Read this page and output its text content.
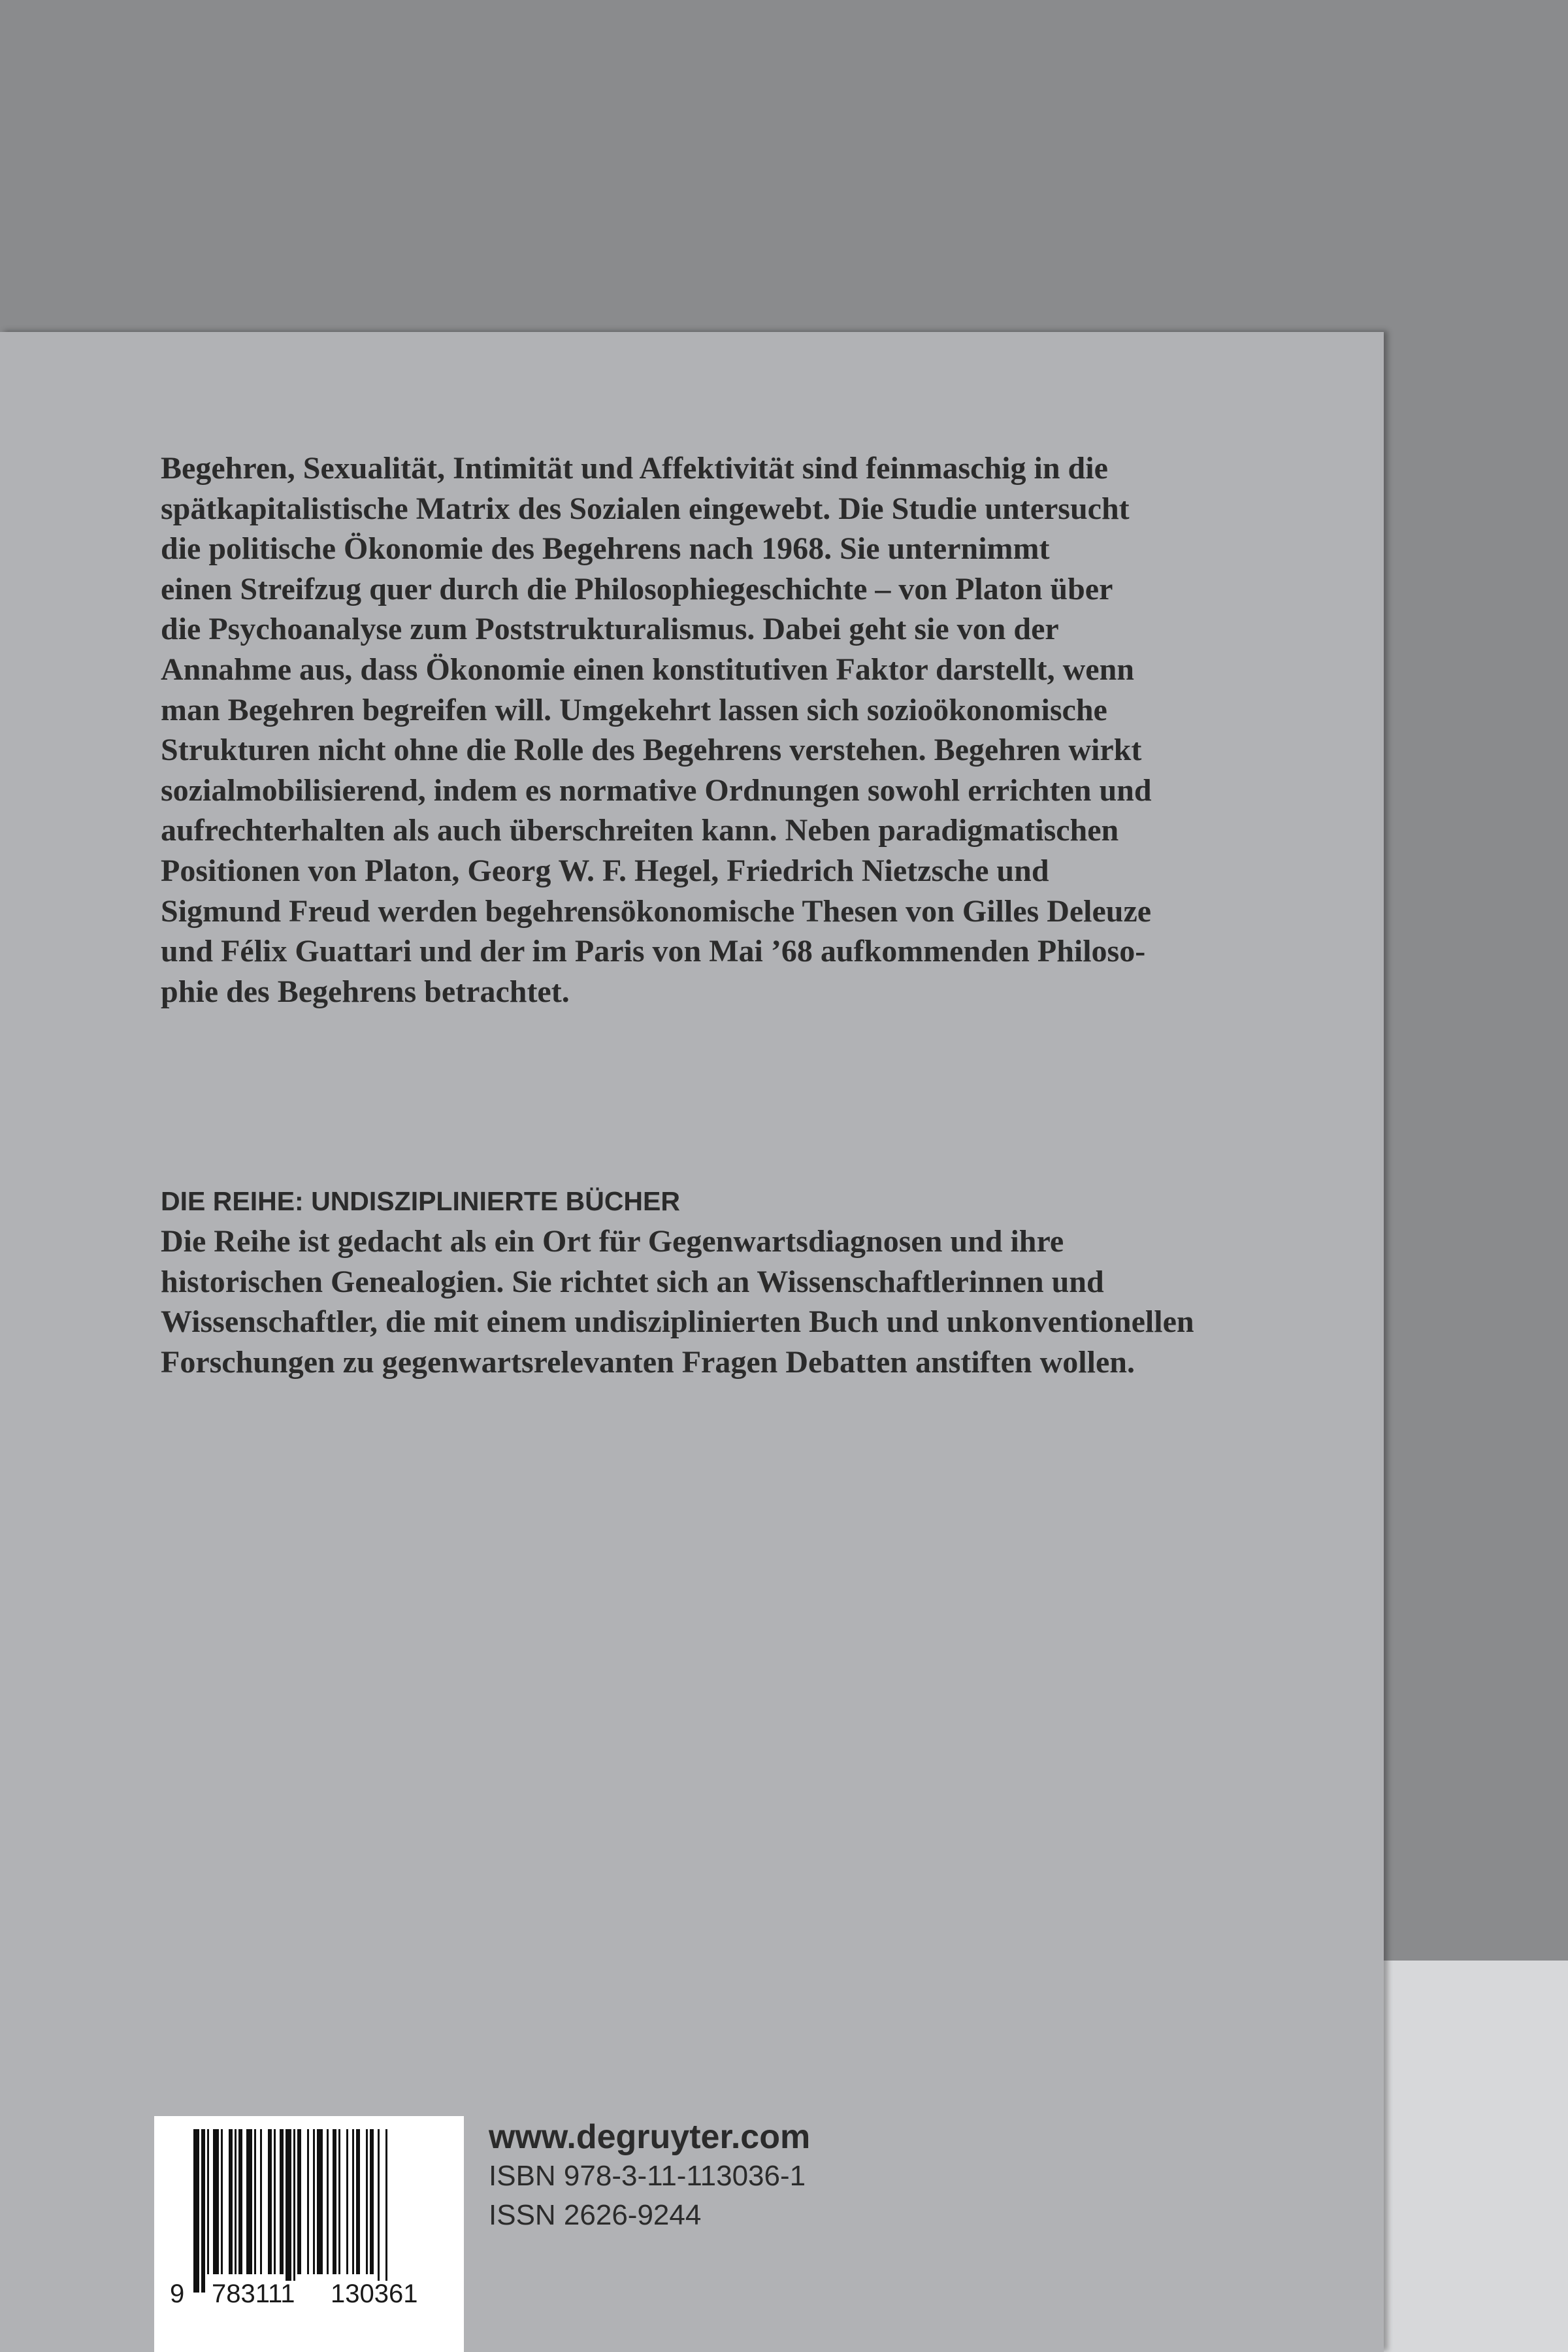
Begehren, Sexualität, Intimität und Affektivität sind feinmaschig in die
spätkapitalistische Matrix des Sozialen eingewebt. Die Studie untersucht
die politische Ökonomie des Begehrens nach 1968. Sie unternimmt
einen Streifzug quer durch die Philosophiegeschichte – von Platon über
die Psychoanalyse zum Poststrukturalismus. Dabei geht sie von der
Annahme aus, dass Ökonomie einen konstitutiven Faktor darstellt, wenn
man Begehren begreifen will. Umgekehrt lassen sich sozioökonomische
Strukturen nicht ohne die Rolle des Begehrens verstehen. Begehren wirkt
sozialmobilisierend, indem es normative Ordnungen sowohl errichten und
aufrechterhalten als auch überschreiten kann. Neben paradigmatischen
Positionen von Platon, Georg W. F. Hegel, Friedrich Nietzsche und
Sigmund Freud werden begehrensökonomische Thesen von Gilles Deleuze
und Félix Guattari und der im Paris von Mai ’68 aufkommenden Philoso-
phie des Begehrens betrachtet.

DIE REIHE: UNDISZIPLINIERTE BÜCHER

Die Reihe ist gedacht als ein Ort für Gegenwartsdiagnosen und ihre
historischen Genealogien. Sie richtet sich an Wissenschaftlerinnen und
Wissenschaftler, die mit einem undisziplinierten Buch und unkonventionellen
Forschungen zu gegenwartsrelevanten Fragen Debatten anstiften wollen.

9 783111 130361

www.degruyter.com

ISBN 978-3-11-113036-1

ISSN 2626-9244
